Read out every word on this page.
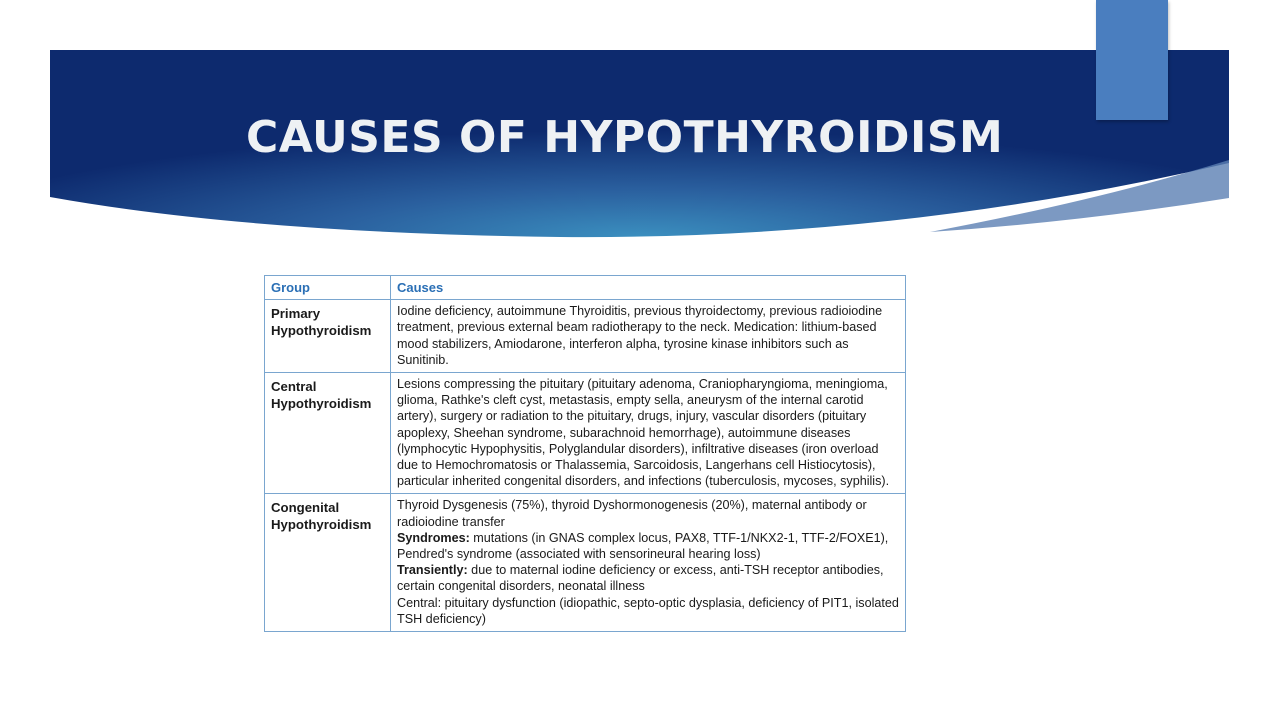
CAUSES OF HYPOTHYROIDISM
Group	Causes

Primary
Hypothyroidism	Iodine deficiency, autoimmune Thyroiditis, previous thyroidectomy, previous radioiodine treatment, previous external beam radiotherapy to the neck. Medication: lithium-based mood stabilizers, Amiodarone, interferon alpha, tyrosine kinase inhibitors such as Sunitinib.

Central
Hypothyroidism	Lesions compressing the pituitary (pituitary adenoma, Craniopharyngioma, meningioma, glioma, Rathke's cleft cyst, metastasis, empty sella, aneurysm of the internal carotid artery), surgery or radiation to the pituitary, drugs, injury, vascular disorders (pituitary apoplexy, Sheehan syndrome, subarachnoid hemorrhage), autoimmune diseases (lymphocytic Hypophysitis, Polyglandular disorders), infiltrative diseases (iron overload due to Hemochromatosis or Thalassemia, Sarcoidosis, Langerhans cell Histiocytosis), particular inherited congenital disorders, and infections (tuberculosis, mycoses, syphilis).

Congenital
Hypothyroidism	Thyroid Dysgenesis (75%), thyroid Dyshormonogenesis (20%), maternal antibody or radioiodine transfer
Syndromes: mutations (in GNAS complex locus, PAX8, TTF-1/NKX2-1, TTF-2/FOXE1), Pendred's syndrome (associated with sensorineural hearing loss)
Transiently: due to maternal iodine deficiency or excess, anti-TSH receptor antibodies, certain congenital disorders, neonatal illness
Central: pituitary dysfunction (idiopathic, septo-optic dysplasia, deficiency of PIT1, isolated TSH deficiency)
